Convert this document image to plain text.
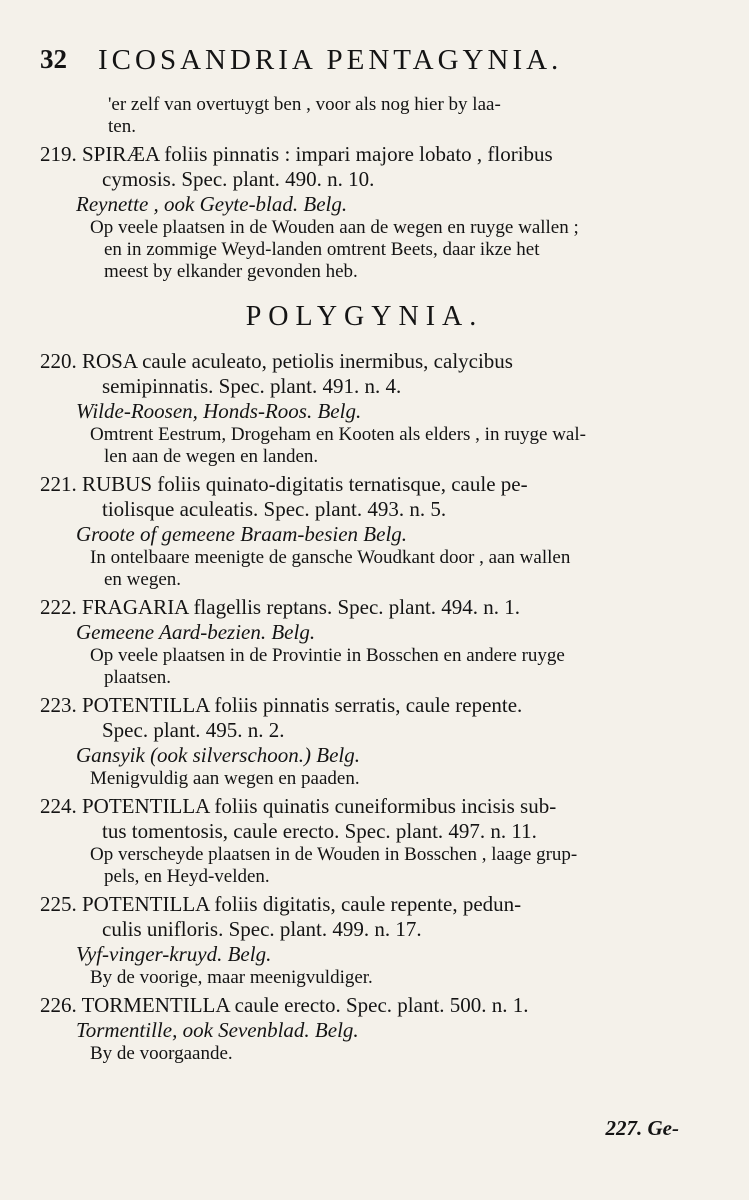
32 ICOSANDRIA PENTAGYNIA.
'er zelf van overtuygt ben , voor als nog hier by laa-
ten.
219. SPIRÆA foliis pinnatis : impari majore lobato , floribus
cymosis. Spec. plant. 490. n. 10.
Reynette , ook Geyte-blad. Belg.
Op veele plaatsen in de Wouden aan de wegen en ruyge wallen ;
en in zommige Weyd-landen omtrent Beets, daar ikze het
meest by elkander gevonden heb.
POLYGYNIA.
220. ROSA caule aculeato, petiolis inermibus, calycibus
semipinnatis. Spec. plant. 491. n. 4.
Wilde-Roosen, Honds-Roos. Belg.
Omtrent Eestrum, Drogeham en Kooten als elders , in ruyge wal-
len aan de wegen en landen.
221. RUBUS foliis quinato-digitatis ternatisque, caule pe-
tiolisque aculeatis. Spec. plant. 493. n. 5.
Groote of gemeene Braam-besien Belg.
In ontelbaare meenigte de gansche Woudkant door , aan wallen
en wegen.
222. FRAGARIA flagellis reptans. Spec. plant. 494. n. 1.
Gemeene Aard-bezien. Belg.
Op veele plaatsen in de Provintie in Bosschen en andere ruyge
plaatsen.
223. POTENTILLA foliis pinnatis serratis, caule repente.
Spec. plant. 495. n. 2.
Gansyik (ook silverschoon.) Belg.
Menigvuldig aan wegen en paaden.
224. POTENTILLA foliis quinatis cuneiformibus incisis sub-
tus tomentosis, caule erecto. Spec. plant. 497. n. 11.
Op verscheyde plaatsen in de Wouden in Bosschen , laage grup-
pels, en Heyd-velden.
225. POTENTILLA foliis digitatis, caule repente, pedun-
culis unifloris. Spec. plant. 499. n. 17.
Vyf-vinger-kruyd. Belg.
By de voorige, maar meenigvuldiger.
226. TORMENTILLA caule erecto. Spec. plant. 500. n. 1.
Tormentille, ook Sevenblad. Belg.
By de voorgaande.
227. Ge-
